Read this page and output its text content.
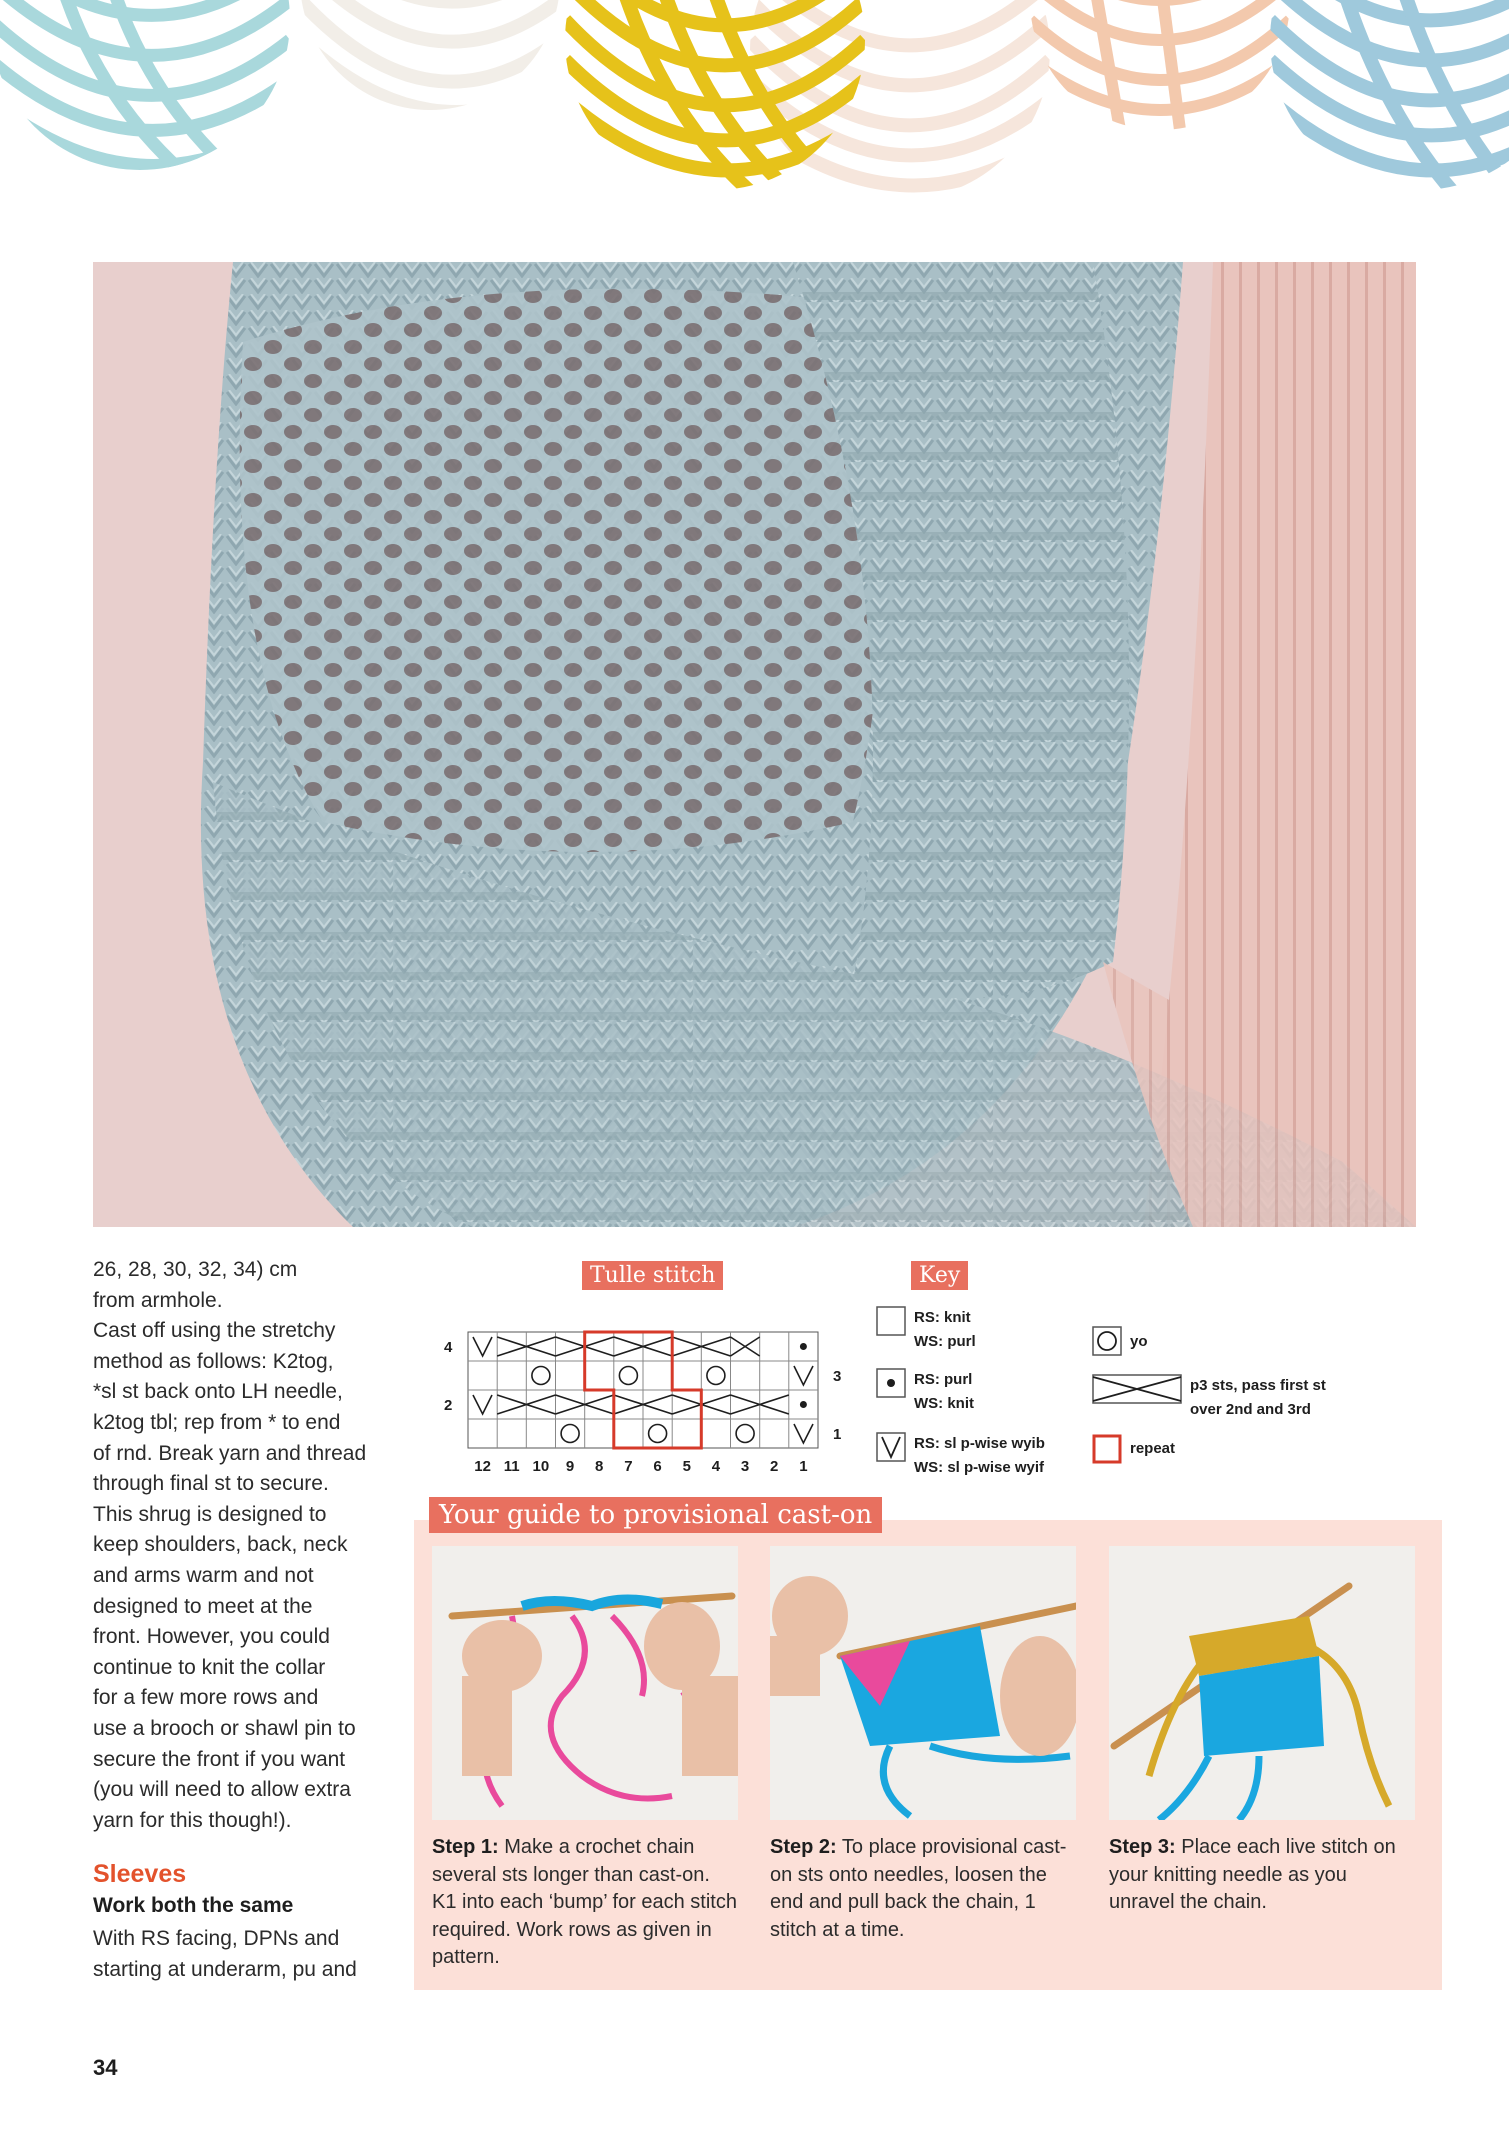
26, 28, 30, 32, 34) cm
from armhole.
Cast off using the stretchy
method as follows: K2tog,
*sl st back onto LH needle,
k2tog tbl; rep from * to end
of rnd. Break yarn and thread
through final st to secure.
This shrug is designed to
keep shoulders, back, neck
and arms warm and not
designed to meet at the
front. However, you could
continue to knit the collar
for a few more rows and
use a brooch or shawl pin to
secure the front if you want
(you will need to allow extra
yarn for this though!).

Sleeves
Work both the same
With RS facing, DPNs and
starting at underarm, pu and
Tulle stitch
4
2
3
1
12 11 10 9 8 7 6 5 4 3 2 1
Key
RS: knit
WS: purl
RS: purl
WS: knit
RS: sl p-wise wyib
WS: sl p-wise wyif
yo
p3 sts, pass first st
over 2nd and 3rd
repeat
Your guide to provisional cast-on
Step 1: Make a crochet chain several sts longer than cast-on. K1 into each ‘bump’ for each stitch required. Work rows as given in pattern.
Step 2: To place provisional cast-on sts onto needles, loosen the end and pull back the chain, 1 stitch at a time.
Step 3: Place each live stitch on your knitting needle as you unravel the chain.
34
